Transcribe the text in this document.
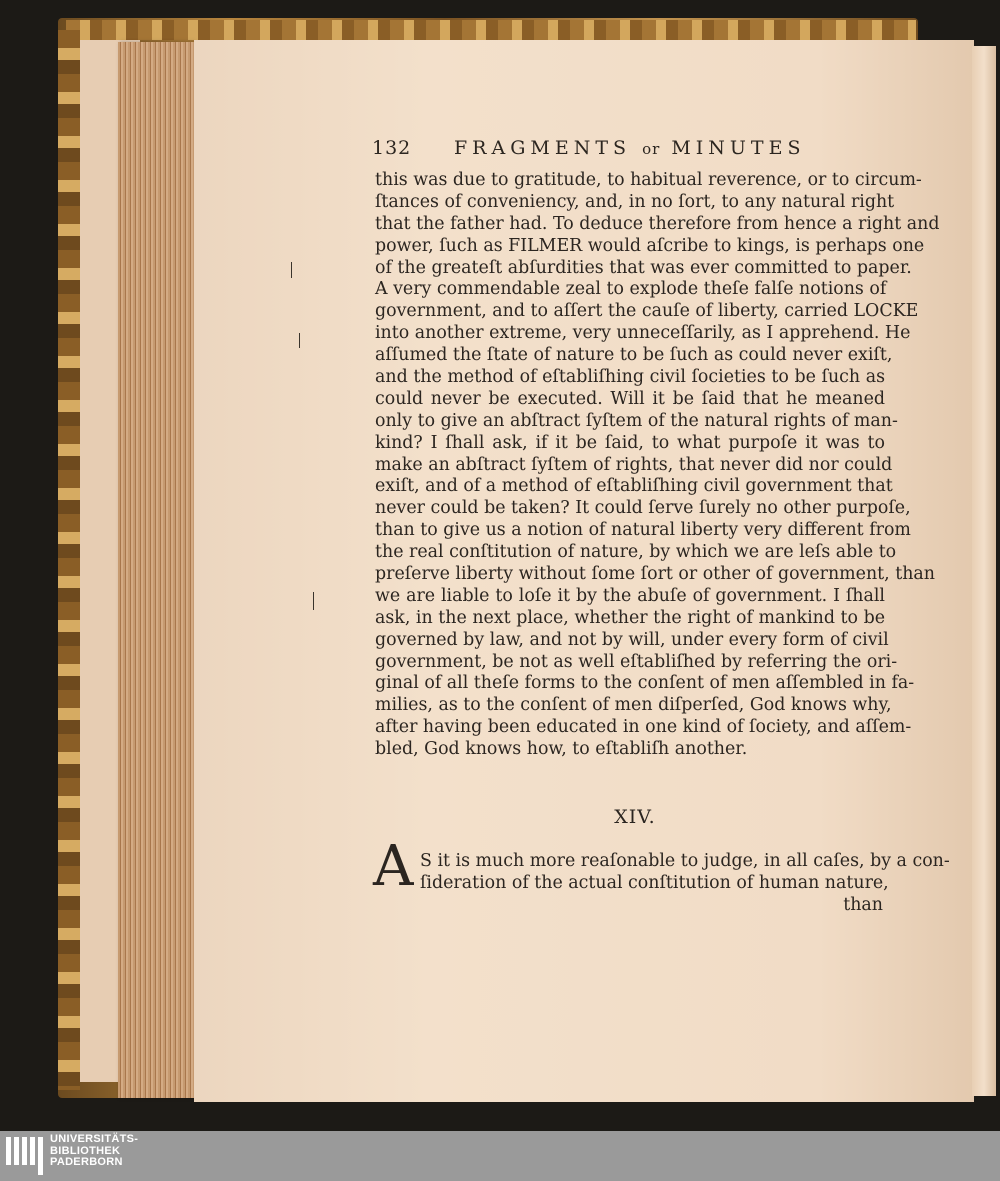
132 FRAGMENTS or MINUTES
this was due to gratitude, to habitual reverence, or to circum-
ſtances of conveniency, and, in no ſort, to any natural right
that the father had. To deduce therefore from hence a right and
power, ſuch as FILMER would aſcribe to kings, is perhaps one
of the greateſt abſurdities that was ever committed to paper.
A very commendable zeal to explode theſe falſe notions of
government, and to aſſert the cauſe of liberty, carried LOCKE
into another extreme, very unneceſſarily, as I apprehend. He
aſſumed the ſtate of nature to be ſuch as could never exiſt,
and the method of eſtabliſhing civil ſocieties to be ſuch as
could never be executed. Will it be ſaid that he meaned
only to give an abſtract ſyſtem of the natural rights of man-
kind? I ſhall ask, if it be ſaid, to what purpoſe it was to
make an abſtract ſyſtem of rights, that never did nor could
exiſt, and of a method of eſtabliſhing civil government that
never could be taken? It could ſerve ſurely no other purpoſe,
than to give us a notion of natural liberty very different from
the real conſtitution of nature, by which we are leſs able to
preſerve liberty without ſome ſort or other of government, than
we are liable to loſe it by the abuſe of government. I ſhall
ask, in the next place, whether the right of mankind to be
governed by law, and not by will, under every form of civil
government, be not as well eſtabliſhed by referring the ori-
ginal of all theſe forms to the conſent of men aſſembled in fa-
milies, as to the conſent of men diſperſed, God knows why,
after having been educated in one kind of ſociety, and aſſem-
bled, God knows how, to eſtabliſh another.
XIV.
A S it is much more reaſonable to judge, in all caſes, by a con-
ſideration of the actual conſtitution of human nature,
than
UNIVERSITÄTS-
BIBLIOTHEK
PADERBORN
